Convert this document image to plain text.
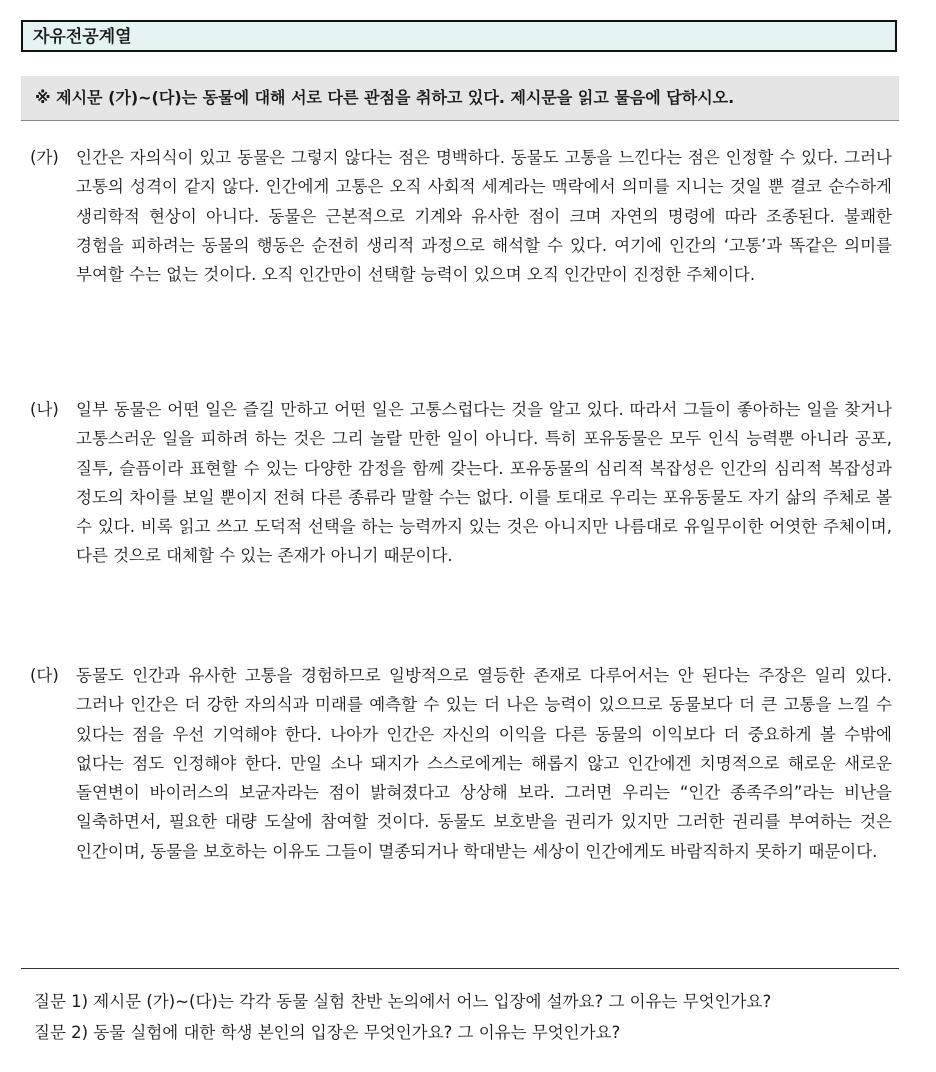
자유전공계열
※ 제시문 (가)~(다)는 동물에 대해 서로 다른 관점을 취하고 있다. 제시문을 읽고 물음에 답하시오.
(가) 인간은 자의식이 있고 동물은 그렇지 않다는 점은 명백하다. 동물도 고통을 느낀다는 점은 인정할 수 있다. 그러나 고통의 성격이 같지 않다. 인간에게 고통은 오직 사회적 세계라는 맥락에서 의미를 지니는 것일 뿐 결코 순수하게 생리학적 현상이 아니다. 동물은 근본적으로 기계와 유사한 점이 크며 자연의 명령에 따라 조종된다. 불쾌한 경험을 피하려는 동물의 행동은 순전히 생리적 과정으로 해석할 수 있다. 여기에 인간의 ‘고통’과 똑같은 의미를 부여할 수는 없는 것이다. 오직 인간만이 선택할 능력이 있으며 오직 인간만이 진정한 주체이다.
(나) 일부 동물은 어떤 일은 즐길 만하고 어떤 일은 고통스럽다는 것을 알고 있다. 따라서 그들이 좋아하는 일을 찾거나 고통스러운 일을 피하려 하는 것은 그리 놀랄 만한 일이 아니다. 특히 포유동물은 모두 인식 능력뿐 아니라 공포, 질투, 슬픔이라 표현할 수 있는 다양한 감정을 함께 갖는다. 포유동물의 심리적 복잡성은 인간의 심리적 복잡성과 정도의 차이를 보일 뿐이지 전혀 다른 종류라 말할 수는 없다. 이를 토대로 우리는 포유동물도 자기 삶의 주체로 볼 수 있다. 비록 읽고 쓰고 도덕적 선택을 하는 능력까지 있는 것은 아니지만 나름대로 유일무이한 어엿한 주체이며, 다른 것으로 대체할 수 있는 존재가 아니기 때문이다.
(다) 동물도 인간과 유사한 고통을 경험하므로 일방적으로 열등한 존재로 다루어서는 안 된다는 주장은 일리 있다. 그러나 인간은 더 강한 자의식과 미래를 예측할 수 있는 더 나은 능력이 있으므로 동물보다 더 큰 고통을 느낄 수 있다는 점을 우선 기억해야 한다. 나아가 인간은 자신의 이익을 다른 동물의 이익보다 더 중요하게 볼 수밖에 없다는 점도 인정해야 한다. 만일 소나 돼지가 스스로에게는 해롭지 않고 인간에겐 치명적으로 해로운 새로운 돌연변이 바이러스의 보균자라는 점이 밝혀졌다고 상상해 보라. 그러면 우리는 “인간 종족주의”라는 비난을 일축하면서, 필요한 대량 도살에 참여할 것이다. 동물도 보호받을 권리가 있지만 그러한 권리를 부여하는 것은 인간이며, 동물을 보호하는 이유도 그들이 멸종되거나 학대받는 세상이 인간에게도 바람직하지 못하기 때문이다.
질문 1) 제시문 (가)~(다)는 각각 동물 실험 찬반 논의에서 어느 입장에 설까요? 그 이유는 무엇인가요?
질문 2) 동물 실험에 대한 학생 본인의 입장은 무엇인가요? 그 이유는 무엇인가요?
